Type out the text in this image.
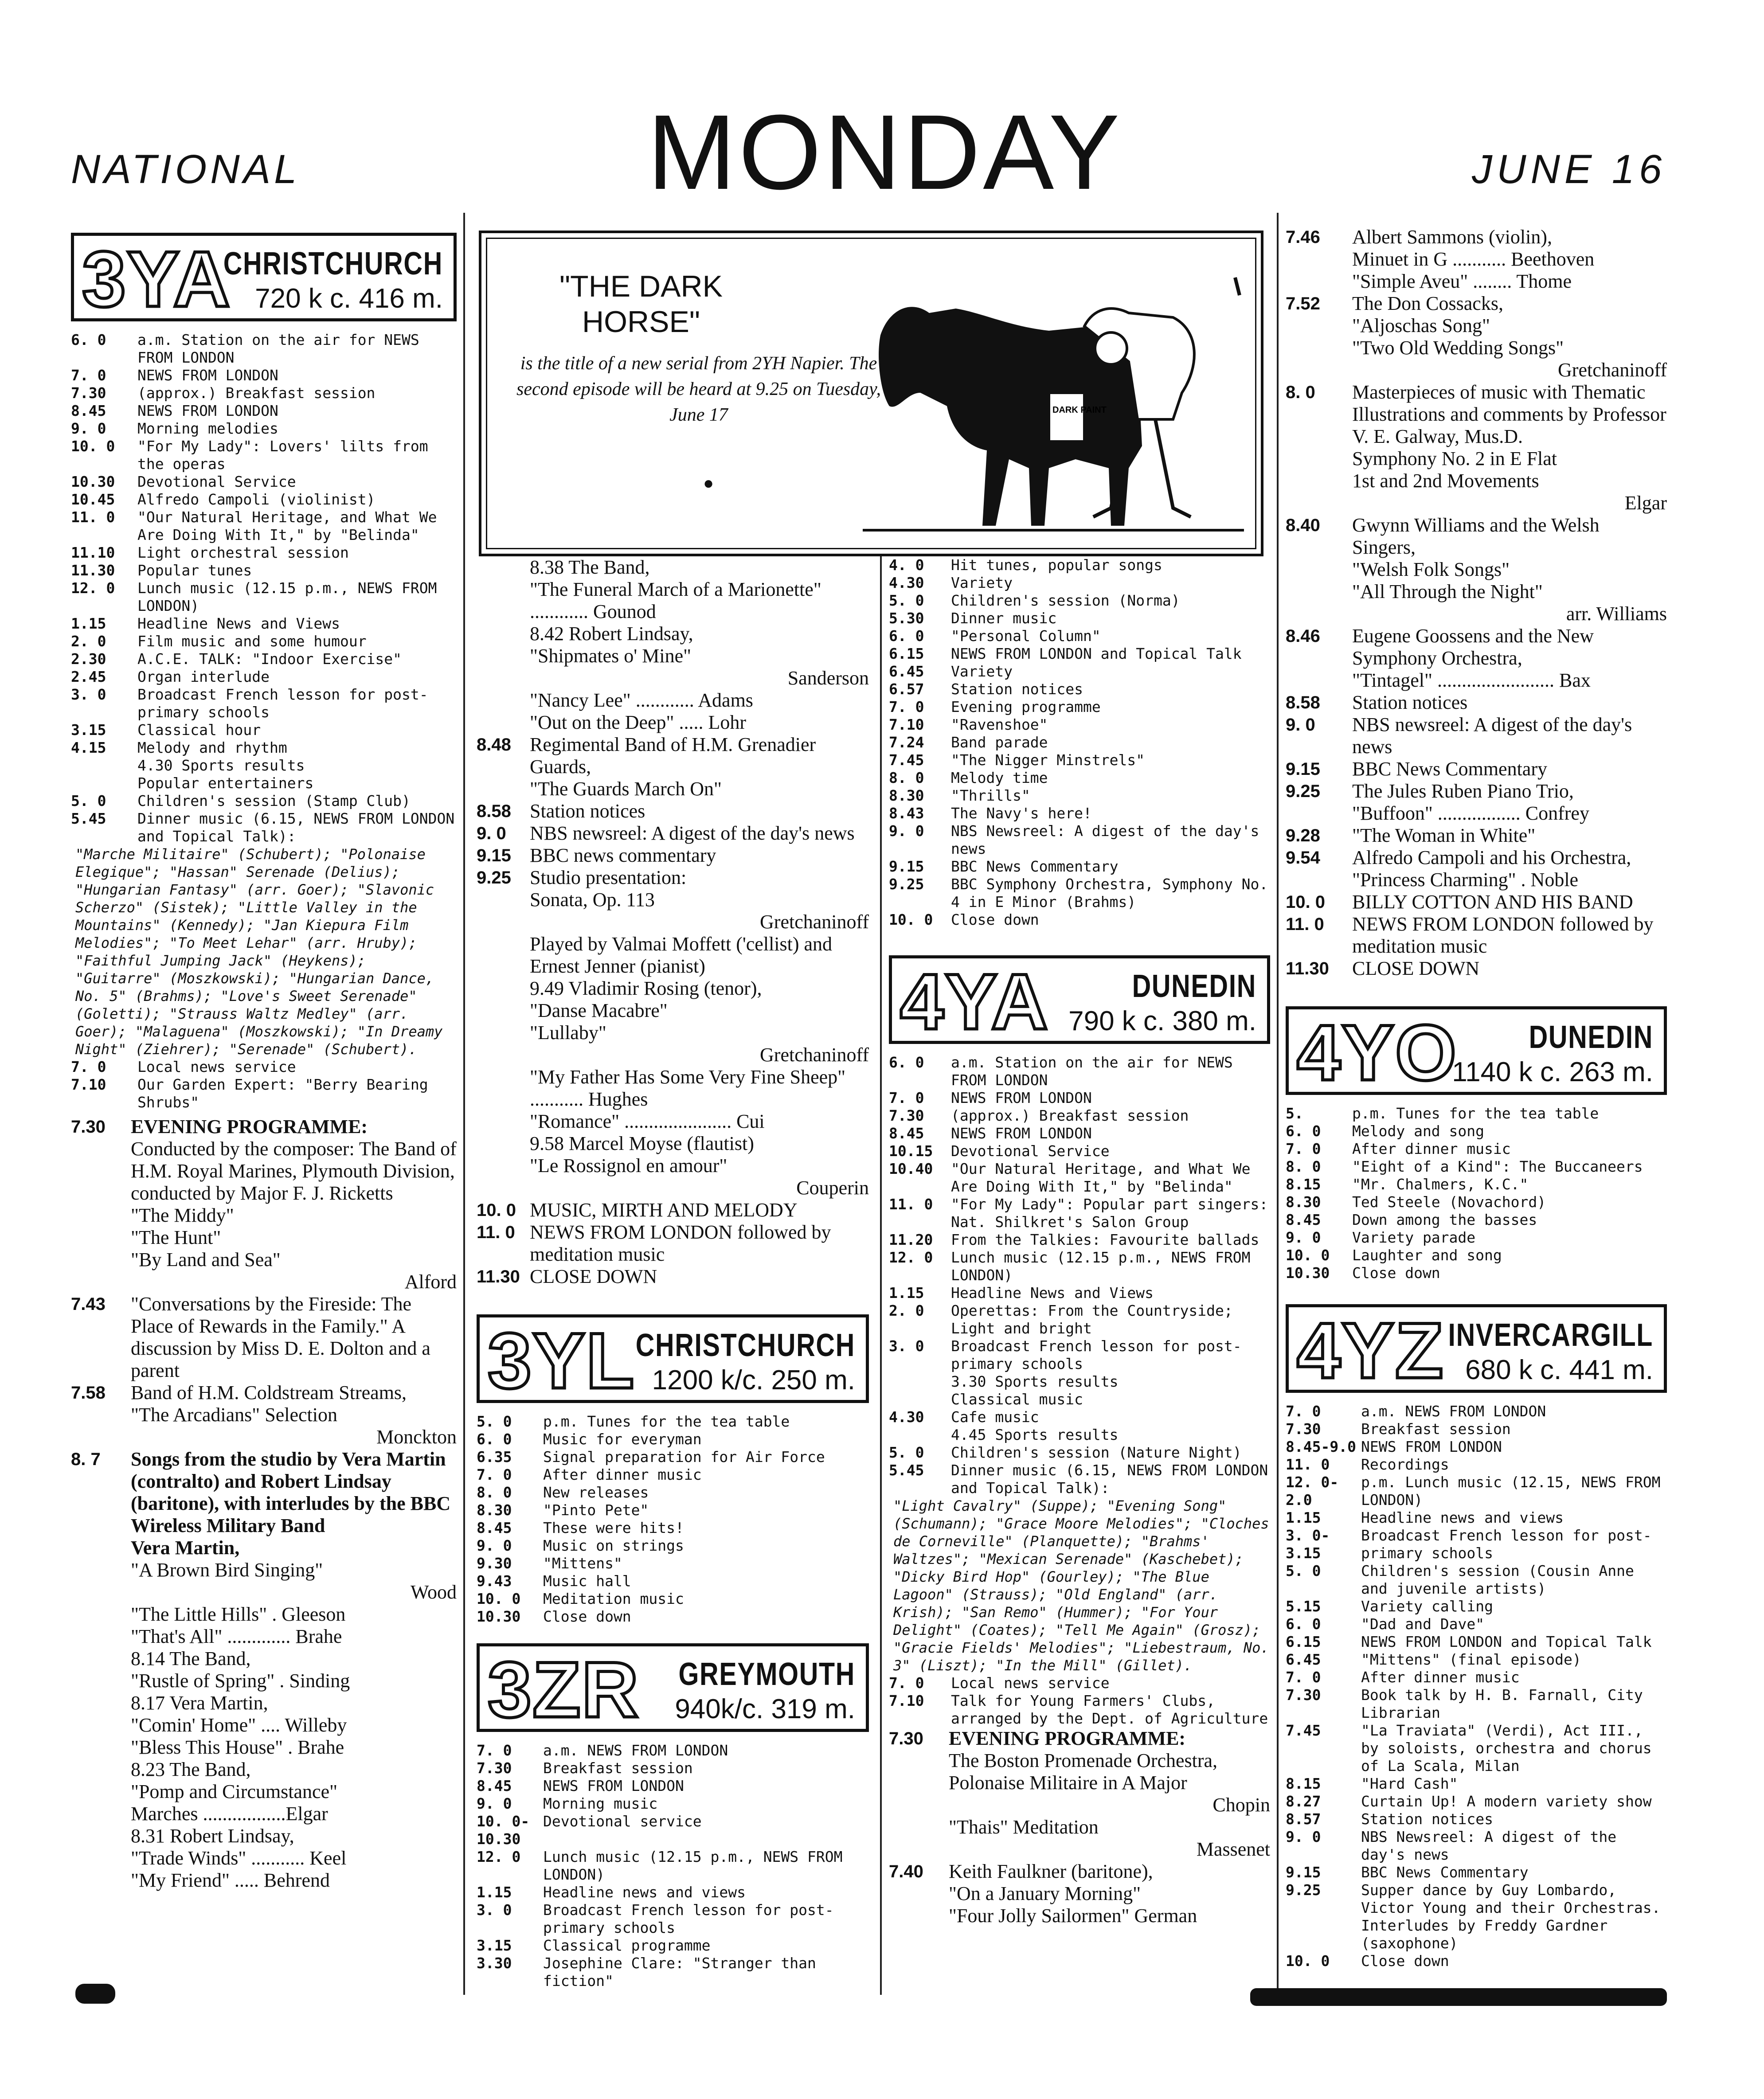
NATIONAL	MONDAY	JUNE 16
"THE DARK
HORSE"
is the title of a new serial from 2YH Napier. The second episode will be heard at 9.25 on Tuesday, June 17
●
DARK PAINT
3YA
CHRISTCHURCH
720 k c. 416 m.
6. 0	a.m. Station on the air for NEWS FROM LONDON
7. 0	NEWS FROM LONDON
7.30	(approx.) Breakfast session
8.45	NEWS FROM LONDON
9. 0	Morning melodies
10. 0	"For My Lady": Lovers' lilts from the operas
10.30	Devotional Service
10.45	Alfredo Campoli (violinist)
11. 0	"Our Natural Heritage, and What We Are Doing With It," by "Belinda"
11.10	Light orchestral session
11.30	Popular tunes
12. 0	Lunch music (12.15 p.m., NEWS FROM LONDON)
1.15	Headline News and Views
2. 0	Film music and some humour
2.30	A.C.E. TALK: "Indoor Exercise"
2.45	Organ interlude
3. 0	Broadcast French lesson for post-primary schools
3.15	Classical hour
4.15	Melody and rhythm
4.30 Sports results
Popular entertainers
5. 0	Children's session (Stamp Club)
5.45	Dinner music (6.15, NEWS FROM LONDON and Topical Talk):
"Marche Militaire" (Schubert); "Polonaise Elegique"; "Hassan" Serenade (Delius); "Hungarian Fantasy" (arr. Goer); "Slavonic Scherzo" (Sistek); "Little Valley in the Mountains" (Kennedy); "Jan Kiepura Film Melodies"; "To Meet Lehar" (arr. Hruby); "Faithful Jumping Jack" (Heykens); "Guitarre" (Moszkowski); "Hungarian Dance, No. 5" (Brahms); "Love's Sweet Serenade" (Goletti); "Strauss Waltz Medley" (arr. Goer); "Malaguena" (Moszkowski); "In Dreamy Night" (Ziehrer); "Serenade" (Schubert).
7. 0	Local news service
7.10	Our Garden Expert: "Berry Bearing Shrubs"
7.30	EVENING PROGRAMME:
Conducted by the composer: The Band of H.M. Royal Marines, Plymouth Division, conducted by Major F. J. Ricketts
"The Middy"
"The Hunt"
"By Land and Sea"
Alford
7.43	"Conversations by the Fireside: The Place of Rewards in the Family." A discussion by Miss D. E. Dolton and a parent
7.58	Band of H.M. Coldstream Streams,
"The Arcadians" Selection
Monckton
8. 7	Songs from the studio by Vera Martin (contralto) and Robert Lindsay (baritone), with interludes by the BBC Wireless Military Band
Vera Martin,
"A Brown Bird Singing"
Wood
"The Little Hills" . Gleeson
"That's All" ............. Brahe
8.14 The Band,
"Rustle of Spring" . Sinding
8.17 Vera Martin,
"Comin' Home" .... Willeby
"Bless This House" . Brahe
8.23 The Band,
"Pomp and Circumstance"
Marches .................Elgar
8.31 Robert Lindsay,
"Trade Winds" ........... Keel
"My Friend" ..... Behrend
8.38 The Band,
"The Funeral March of a Marionette" ............ Gounod
8.42 Robert Lindsay,
"Shipmates o' Mine"
Sanderson
"Nancy Lee" ............ Adams
"Out on the Deep" ..... Lohr
8.48 Regimental Band of H.M. Grenadier Guards,
"The Guards March On"
8.58 Station notices
9. 0	NBS newsreel: A digest of the day's news
9.15 BBC news commentary
9.25 Studio presentation:
Sonata, Op. 113
Gretchaninoff
Played by Valmai Moffett ('cellist) and Ernest Jenner (pianist)
9.49 Vladimir Rosing (tenor),
"Danse Macabre"
"Lullaby"
Gretchaninoff
"My Father Has Some Very Fine Sheep" ........... Hughes
"Romance" ...................... Cui
9.58 Marcel Moyse (flautist)
"Le Rossignol en amour"
Couperin
10. 0 MUSIC, MIRTH AND MELODY
11. 0 NEWS FROM LONDON followed by meditation music
11.30 CLOSE DOWN
3YL CHRISTCHURCH
1200 k/c. 250 m.
5. 0	p.m. Tunes for the tea table
6. 0	Music for everyman
6.35	Signal preparation for Air Force
7. 0	After dinner music
8. 0	New releases
8.30	"Pinto Pete"
8.45	These were hits!
9. 0	Music on strings
9.30	"Mittens"
9.43	Music hall
10. 0	Meditation music
10.30	Close down
3ZR GREYMOUTH
940k/c. 319 m.
7. 0	a.m. NEWS FROM LONDON
7.30	Breakfast session
8.45	NEWS FROM LONDON
9. 0	Morning music
10. 0-10.30
Devotional service
12. 0	Lunch music (12.15 p.m., NEWS FROM LONDON)
1.15	Headline news and views
3. 0	Broadcast French lesson for post-primary schools
3.15	Classical programme
3.30	Josephine Clare: "Stranger than fiction"
4. 0	Hit tunes, popular songs
4.30	Variety
5. 0	Children's session (Norma)
5.30	Dinner music
6. 0	"Personal Column"
6.15	NEWS FROM LONDON and Topical Talk
6.45	Variety
6.57	Station notices
7. 0	Evening programme
7.10	"Ravenshoe"
7.24	Band parade
7.45	"The Nigger Minstrels"
8. 0	Melody time
8.30	"Thrills"
8.43	The Navy's here!
9. 0	NBS Newsreel: A digest of the day's news
9.15	BBC News Commentary
9.25	BBC Symphony Orchestra, Symphony No. 4 in E Minor (Brahms)
10. 0	Close down
4YA	DUNEDIN
790 k c. 380 m.
6. 0	a.m. Station on the air for NEWS FROM LONDON
7. 0	NEWS FROM LONDON
7.30	(approx.) Breakfast session
8.45	NEWS FROM LONDON
10.15	Devotional Service
10.40	"Our Natural Heritage, and What We Are Doing With It," by "Belinda"
11. 0	"For My Lady": Popular part singers: Nat. Shilkret's Salon Group
11.20	From the Talkies: Favourite ballads
12. 0	Lunch music (12.15 p.m., NEWS FROM LONDON)
1.15	Headline News and Views
2. 0	Operettas: From the Countryside; Light and bright
3. 0	Broadcast French lesson for post-primary schools
3.30 Sports results
Classical music
4.30	Cafe music
4.45 Sports results
5. 0	Children's session (Nature Night)
5.45	Dinner music (6.15, NEWS FROM LONDON and Topical Talk):
"Light Cavalry" (Suppe); "Evening Song" (Schumann); "Grace Moore Melodies"; "Cloches de Corneville" (Planquette); "Brahms' Waltzes"; "Mexican Serenade" (Kaschebet); "Dicky Bird Hop" (Gourley); "The Blue Lagoon" (Strauss); "Old England" (arr. Krish); "San Remo" (Hummer); "For Your Delight" (Coates); "Tell Me Again" (Grosz); "Gracie Fields' Melodies"; "Liebestraum, No. 3" (Liszt); "In the Mill" (Gillet).
7. 0	Local news service
7.10	Talk for Young Farmers' Clubs, arranged by the Dept. of Agriculture
7.30	EVENING PROGRAMME:
The Boston Promenade Orchestra,
Polonaise Militaire in A Major
Chopin
"Thais" Meditation
Massenet
7.40	Keith Faulkner (baritone),
"On a January Morning"
"Four Jolly Sailormen" German
7.46	Albert Sammons (violin),
Minuet in G ........... Beethoven
"Simple Aveu" ........ Thome
7.52	The Don Cossacks,
"Aljoschas Song"
"Two Old Wedding Songs"
Gretchaninoff
8. 0	Masterpieces of music with Thematic Illustrations and comments by Professor V. E. Galway, Mus.D.
Symphony No. 2 in E Flat
1st and 2nd Movements
Elgar
8.40	Gwynn Williams and the Welsh Singers,
"Welsh Folk Songs"
"All Through the Night"
arr. Williams
8.46	Eugene Goossens and the New Symphony Orchestra,
"Tintagel" ........................ Bax
8.58	Station notices
9. 0	NBS newsreel: A digest of the day's news
9.15	BBC News Commentary
9.25	The Jules Ruben Piano Trio,
"Buffoon" ................. Confrey
9.28	"The Woman in White"
9.54	Alfredo Campoli and his Orchestra,
"Princess Charming" . Noble
10. 0	BILLY COTTON AND HIS BAND
11. 0	NEWS FROM LONDON followed by meditation music
11.30	CLOSE DOWN
4YO DUNEDIN
1140 k c. 263 m.
5.	p.m. Tunes for the tea table
6. 0	Melody and song
7. 0	After dinner music
8. 0	"Eight of a Kind": The Buccaneers
8.15	"Mr. Chalmers, K.C."
8.30	Ted Steele (Novachord)
8.45	Down among the basses
9. 0	Variety parade
10. 0	Laughter and song
10.30	Close down
4YZ INVERCARGILL
680 k c. 441 m.
7. 0	a.m. NEWS FROM LONDON
7.30	Breakfast session
8.45-9.0 NEWS FROM LONDON
11. 0	Recordings
12. 0-2.0
p.m. Lunch music (12.15, NEWS FROM LONDON)
1.15	Headline news and views
3. 0-3.15
Broadcast French lesson for post-primary schools
5. 0	Children's session (Cousin Anne and juvenile artists)
5.15	Variety calling
6. 0	"Dad and Dave"
6.15	NEWS FROM LONDON and Topical Talk
6.45	"Mittens" (final episode)
7. 0	After dinner music
7.30	Book talk by H. B. Farnall, City Librarian
7.45	"La Traviata" (Verdi), Act III., by soloists, orchestra and chorus of La Scala, Milan
8.15	"Hard Cash"
8.27	Curtain Up! A modern variety show
8.57	Station notices
9. 0	NBS Newsreel: A digest of the day's news
9.15	BBC News Commentary
9.25	Supper dance by Guy Lombardo, Victor Young and their Orchestras. Interludes by Freddy Gardner (saxophone)
10. 0	Close down
